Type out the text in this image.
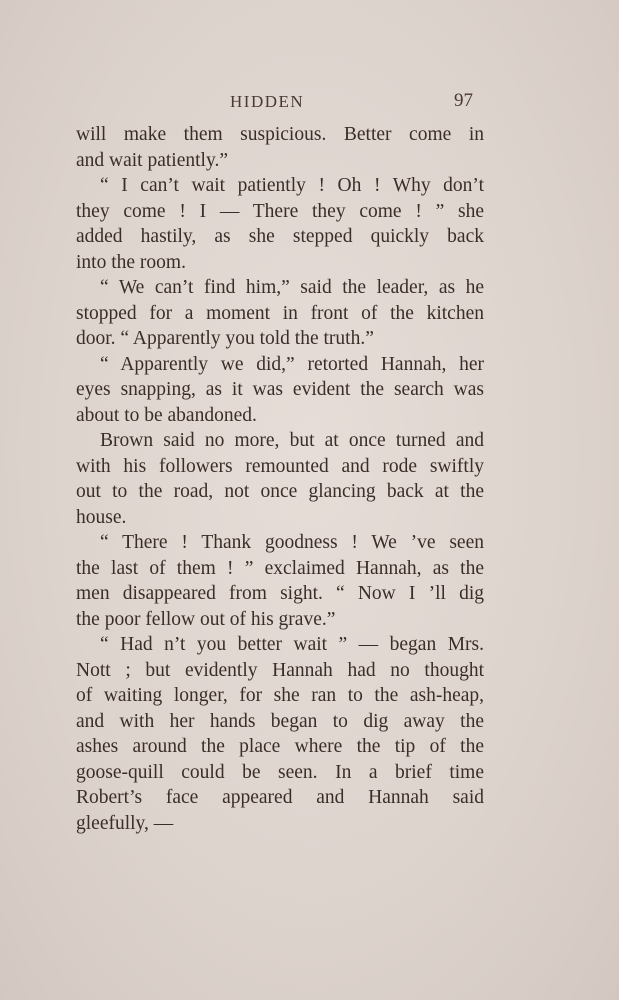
HIDDEN	97
will make them suspicious. Better come in
and wait patiently.”
“ I can’t wait patiently ! Oh ! Why don’t
they come ! I — There they come ! ” she
added hastily, as she stepped quickly back
into the room.
“ We can’t find him,” said the leader, as he
stopped for a moment in front of the kitchen
door. “ Apparently you told the truth.”
“ Apparently we did,” retorted Hannah, her
eyes snapping, as it was evident the search was
about to be abandoned.
Brown said no more, but at once turned and
with his followers remounted and rode swiftly
out to the road, not once glancing back at the
house.
“ There ! Thank goodness ! We ’ve seen
the last of them ! ” exclaimed Hannah, as the
men disappeared from sight. “ Now I ’ll dig
the poor fellow out of his grave.”
“ Had n’t you better wait ” — began Mrs.
Nott ; but evidently Hannah had no thought
of waiting longer, for she ran to the ash-heap,
and with her hands began to dig away the
ashes around the place where the tip of the
goose-quill could be seen. In a brief time
Robert’s face appeared and Hannah said
gleefully, —
